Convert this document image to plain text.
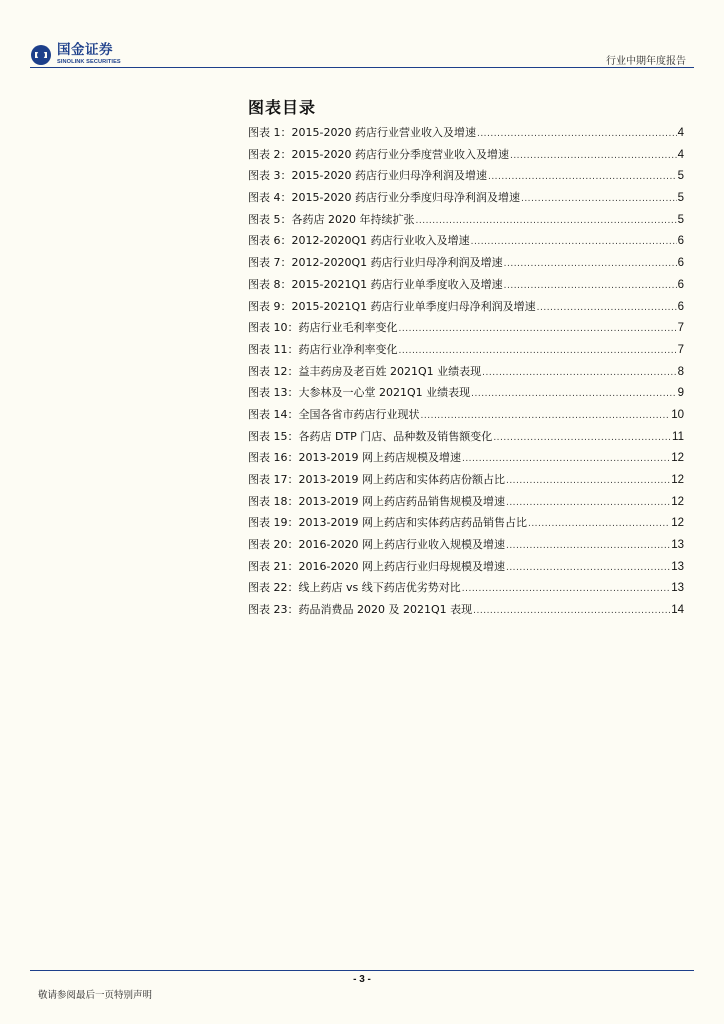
国金证券
SINOLINK SECURITIES	行业中期年度报告
图表目录
图表 1：2015-2020 药店行业营业收入及增速 .....	4
图表 2：2015-2020 药店行业分季度营业收入及增速 .....	4
图表 3：2015-2020 药店行业归母净利润及增速 .....	5
图表 4：2015-2020 药店行业分季度归母净利润及增速 .....	5
图表 5：各药店 2020 年持续扩张 .....	5
图表 6：2012-2020Q1 药店行业收入及增速 .....	6
图表 7：2012-2020Q1 药店行业归母净利润及增速 .....	6
图表 8：2015-2021Q1 药店行业单季度收入及增速 .....	6
图表 9：2015-2021Q1 药店行业单季度归母净利润及增速 .....	6
图表 10：药店行业毛利率变化 .....	7
图表 11：药店行业净利率变化 .....	7
图表 12：益丰药房及老百姓 2021Q1 业绩表现 .....	8
图表 13：大参林及一心堂 2021Q1 业绩表现 .....	9
图表 14：全国各省市药店行业现状 .....	10
图表 15：各药店 DTP 门店、品种数及销售额变化 .....	11
图表 16：2013-2019 网上药店规模及增速 .....	12
图表 17：2013-2019 网上药店和实体药店份额占比 .....	12
图表 18：2013-2019 网上药店药品销售规模及增速 .....	12
图表 19：2013-2019 网上药店和实体药店药品销售占比 .....	12
图表 20：2016-2020 网上药店行业收入规模及增速 .....	13
图表 21：2016-2020 网上药店行业归母规模及增速 .....	13
图表 22：线上药店 vs 线下药店优劣势对比 .....	13
图表 23：药品消费品 2020 及 2021Q1 表现 .....	14
- 3 -
敬请参阅最后一页特别声明
